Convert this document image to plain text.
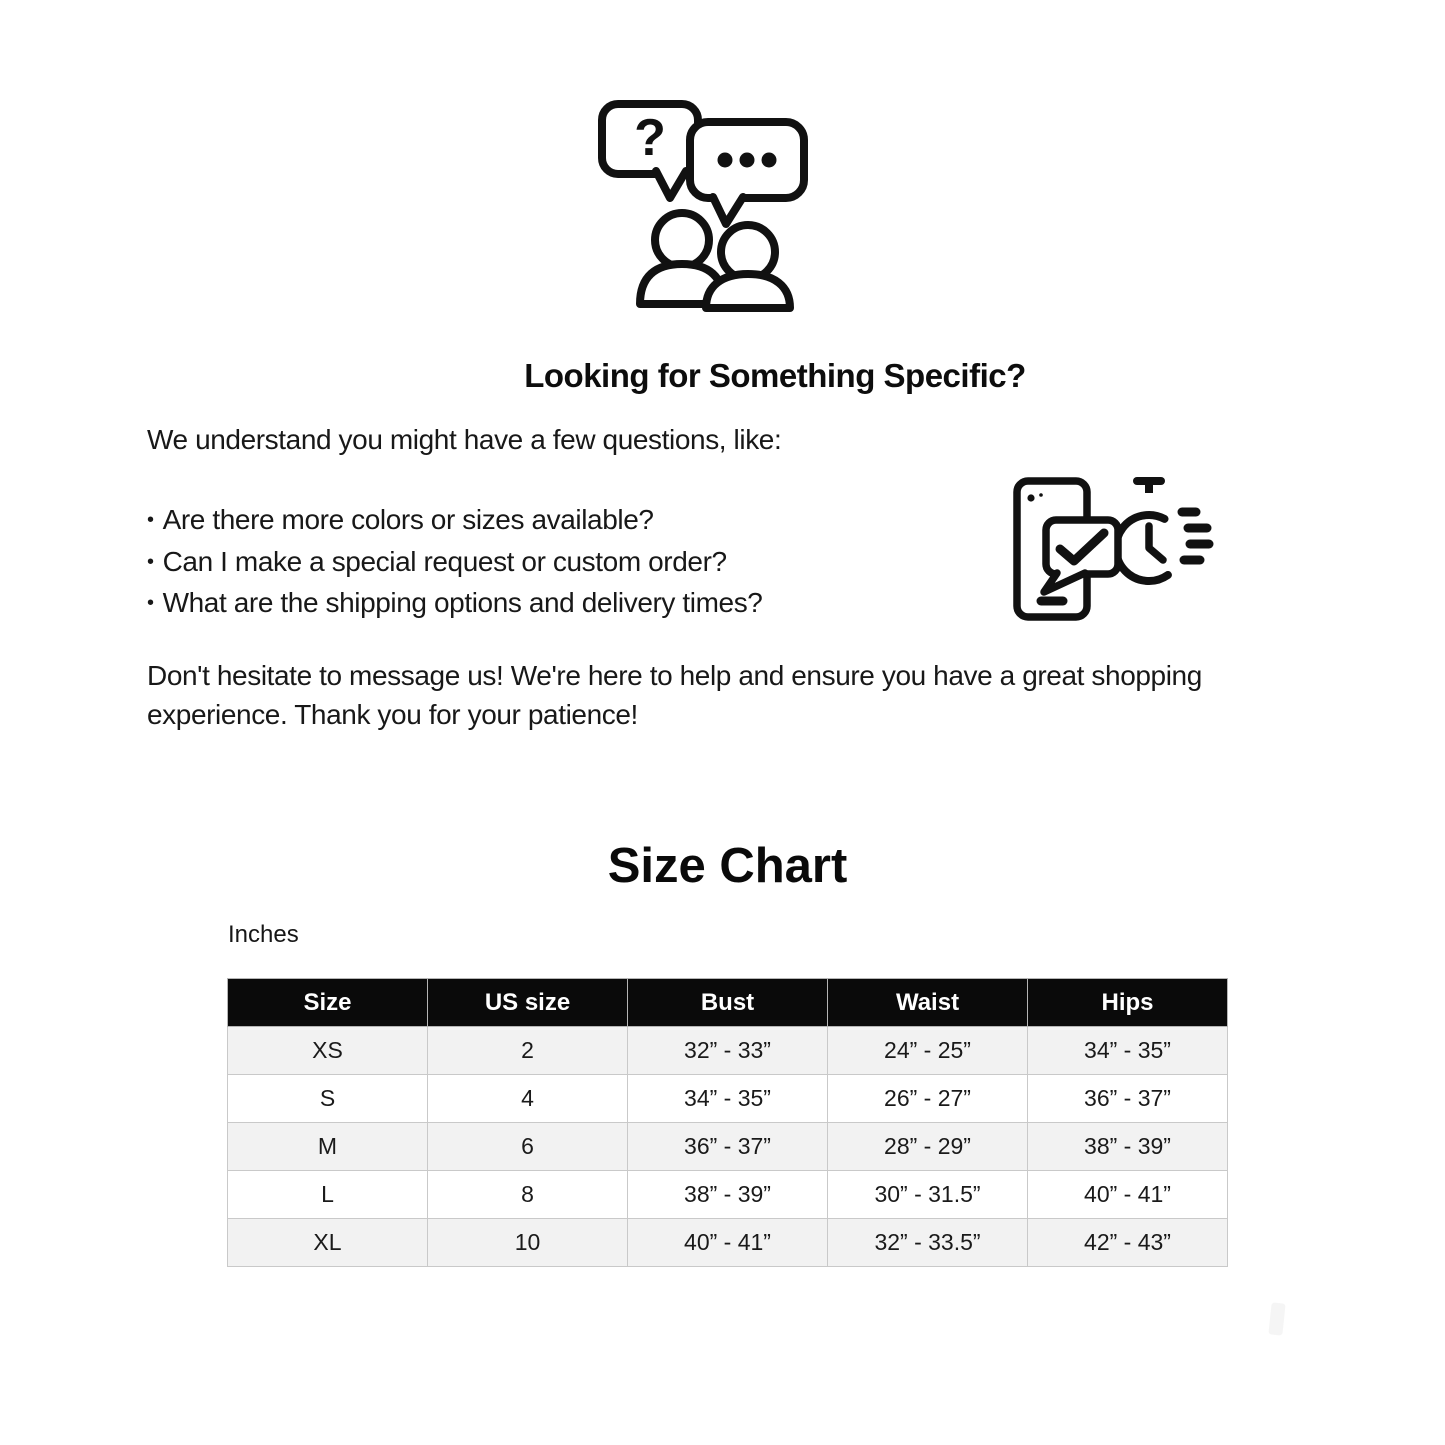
?
Looking for Something Specific?
We understand you might have a few questions, like:
• Are there more colors or sizes available?
• Can I make a special request or custom order?
• What are the shipping options and delivery times?
Don't hesitate to message us! We're here to help and ensure you have a great shopping experience. Thank you for your patience!
Size Chart
Inches
Size	US size	Bust	Waist	Hips
XS	2	32” - 33”	24” - 25”	34” - 35”
S	4	34” - 35”	26” - 27”	36” - 37”
M	6	36” - 37”	28” - 29”	38” - 39”
L	8	38” - 39”	30” - 31.5”	40” - 41”
XL	10	40” - 41”	32” - 33.5”	42” - 43”
